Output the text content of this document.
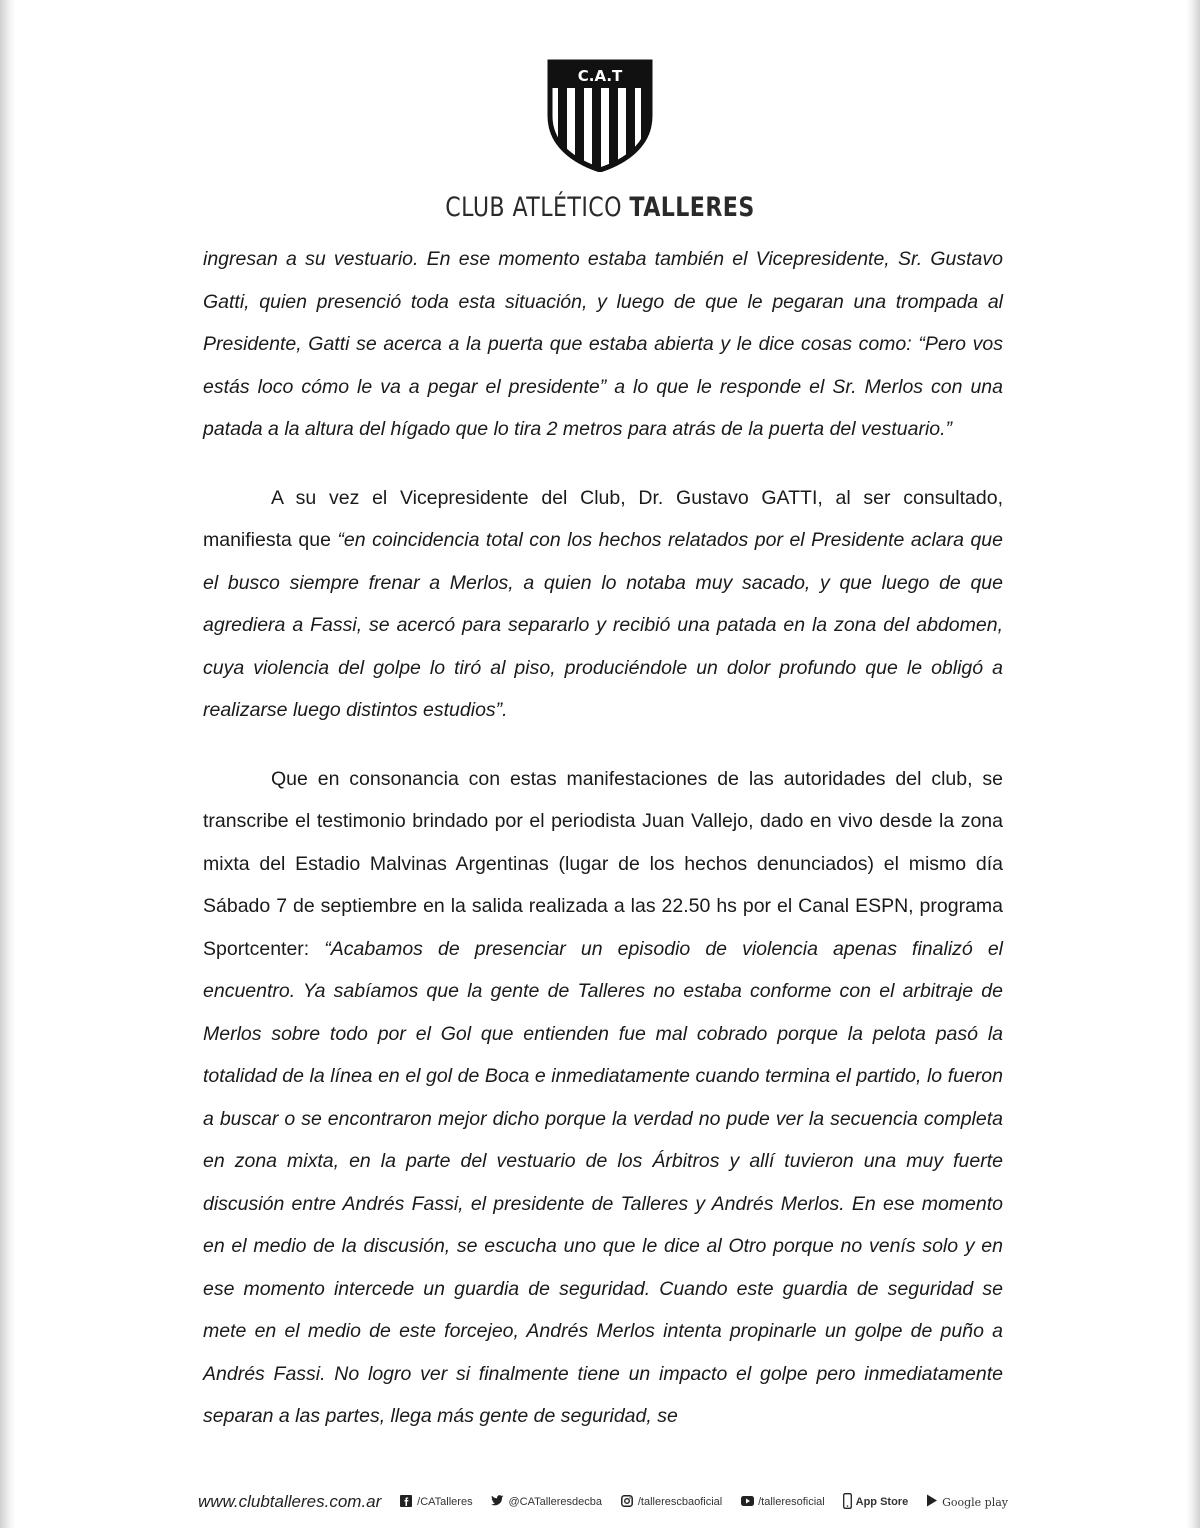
C.A.T
CLUB ATLÉTICO TALLERES
ingresan a su vestuario. En ese momento estaba también el Vicepresidente, Sr. Gustavo Gatti, quien presenció toda esta situación, y luego de que le pegaran una trompada al Presidente, Gatti se acerca a la puerta que estaba abierta y le dice cosas como: “Pero vos estás loco cómo le va a pegar el presidente” a lo que le responde el Sr. Merlos con una patada a la altura del hígado que lo tira 2 metros para atrás de la puerta del vestuario.”
A su vez el Vicepresidente del Club, Dr. Gustavo GATTI, al ser consultado, manifiesta que “en coincidencia total con los hechos relatados por el Presidente aclara que el busco siempre frenar a Merlos, a quien lo notaba muy sacado, y que luego de que agrediera a Fassi, se acercó para separarlo y recibió una patada en la zona del abdomen, cuya violencia del golpe lo tiró al piso, produciéndole un dolor profundo que le obligó a realizarse luego distintos estudios”.
Que en consonancia con estas manifestaciones de las autoridades del club, se transcribe el testimonio brindado por el periodista Juan Vallejo, dado en vivo desde la zona mixta del Estadio Malvinas Argentinas (lugar de los hechos denunciados) el mismo día Sábado 7 de septiembre en la salida realizada a las 22.50 hs por el Canal ESPN, programa Sportcenter: “Acabamos de presenciar un episodio de violencia apenas finalizó el encuentro. Ya sabíamos que la gente de Talleres no estaba conforme con el arbitraje de Merlos sobre todo por el Gol que entienden fue mal cobrado porque la pelota pasó la totalidad de la línea en el gol de Boca e inmediatamente cuando termina el partido, lo fueron a buscar o se encontraron mejor dicho porque la verdad no pude ver la secuencia completa en zona mixta, en la parte del vestuario de los Árbitros y allí tuvieron una muy fuerte discusión entre Andrés Fassi, el presidente de Talleres y Andrés Merlos. En ese momento en el medio de la discusión, se escucha uno que le dice al Otro porque no venís solo y en ese momento intercede un guardia de seguridad. Cuando este guardia de seguridad se mete en el medio de este forcejeo, Andrés Merlos intenta propinarle un golpe de puño a Andrés Fassi. No logro ver si finalmente tiene un impacto el golpe pero inmediatamente separan a las partes, llega más gente de seguridad, se
www.clubtalleres.com.ar	/CATalleres	@CATalleresdecba	/tallerescbaoficial	/talleresoficial	App Store	Google play
